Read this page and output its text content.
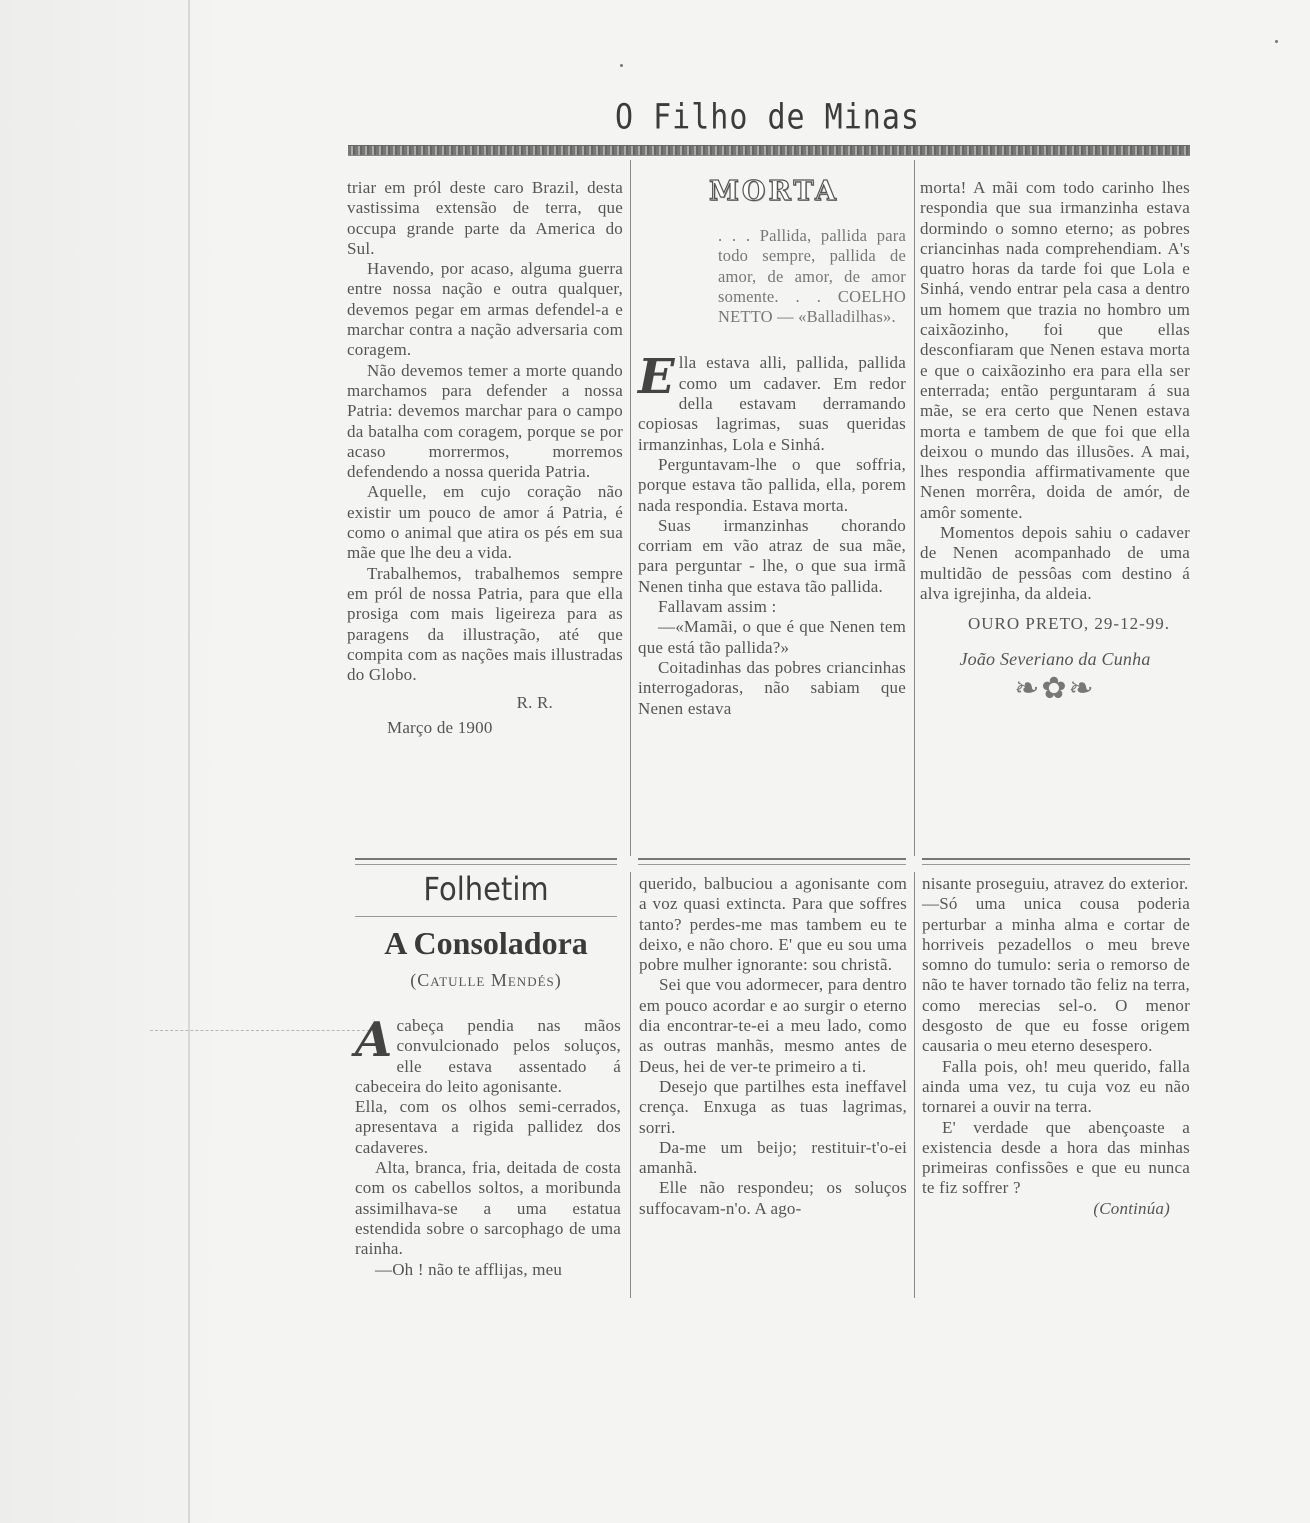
O Filho de Minas

triar em pról deste caro Brazil, desta vastissima extensão de terra, que occupa grande parte da America do Sul.

Havendo, por acaso, alguma guerra entre nossa nação e outra qualquer, devemos pegar em armas defendel-a e marchar contra a nação adversaria com coragem.

Não devemos temer a morte quando marchamos para defender a nossa Patria: devemos marchar para o campo da batalha com coragem, porque se por acaso morrermos, morremos defendendo a nossa querida Patria.

Aquelle, em cujo coração não existir um pouco de amor á Patria, é como o animal que atira os pés em sua mãe que lhe deu a vida.

Trabalhemos, trabalhemos sempre em pról de nossa Patria, para que ella prosiga com mais ligeireza para as paragens da illustração, até que compita com as nações mais illustradas do Globo.

R. R.

Março de 1900

MORTA

. . . Pallida, pallida para todo sempre, pallida de amor, de amor, de amor somente. . . COELHO NETTO — «Balladilhas».

E lla estava alli, pallida, pallida como um cadaver. Em redor della estavam derramando copiosas lagrimas, suas queridas irmanzinhas, Lola e Sinhá.

Perguntavam-lhe o que soffria, porque estava tão pallida, ella, porem nada respondia. Estava morta.

Suas irmanzinhas chorando corriam em vão atraz de sua mãe, para perguntar - lhe, o que sua irmã Nenen tinha que estava tão pallida.

Fallavam assim :

—«Mamãi, o que é que Nenen tem que está tão pallida?»

Coitadinhas das pobres criancinhas interrogadoras, não sabiam que Nenen estava

morta! A mãi com todo carinho lhes respondia que sua irmanzinha estava dormindo o somno eterno; as pobres criancinhas nada comprehendiam. A's quatro horas da tarde foi que Lola e Sinhá, vendo entrar pela casa a dentro um homem que trazia no hombro um caixãozinho, foi que ellas desconfiaram que Nenen estava morta e que o caixãozinho era para ella ser enterrada; então perguntaram á sua mãe, se era certo que Nenen estava morta e tambem de que foi que ella deixou o mundo das illusões. A mai, lhes respondia affirmativamente que Nenen morrêra, doida de amór, de amôr somente.

Momentos depois sahiu o cadaver de Nenen acompanhado de uma multidão de pessôas com destino á alva igrejinha, da aldeia.

OURO PRETO, 29-12-99.

João Severiano da Cunha

❧✿❧

Folhetim
A Consoladora
(Catulle Mendés)

A cabeça pendia nas mãos convulcionado pelos soluços, elle estava assentado á cabeceira do leito agonisante.

Ella, com os olhos semi-cerrados, apresentava a rigida pallidez dos cadaveres.

Alta, branca, fria, deitada de costa com os cabellos soltos, a moribunda assimilhava-se a uma estatua estendida sobre o sarcophago de uma rainha.

—Oh ! não te afflijas, meu

querido, balbuciou a agonisante com a voz quasi extincta. Para que soffres tanto? perdes-me mas tambem eu te deixo, e não choro. E' que eu sou uma pobre mulher ignorante: sou christã.

Sei que vou adormecer, para dentro em pouco acordar e ao surgir o eterno dia encontrar-te-ei a meu lado, como as outras manhãs, mesmo antes de Deus, hei de ver-te primeiro a ti.

Desejo que partilhes esta ineffavel crença. Enxuga as tuas lagrimas, sorri.

Da-me um beijo; restituir-t'o-ei amanhã.

Elle não respondeu; os soluços suffocavam-n'o. A ago-

nisante proseguiu, atravez do exterior.

—Só uma unica cousa poderia perturbar a minha alma e cortar de horriveis pezadellos o meu breve somno do tumulo: seria o remorso de não te haver tornado tão feliz na terra, como merecias sel-o. O menor desgosto de que eu fosse origem causaria o meu eterno desespero.

Falla pois, oh! meu querido, falla ainda uma vez, tu cuja voz eu não tornarei a ouvir na terra.

E' verdade que abençoaste a existencia desde a hora das minhas primeiras confissões e que eu nunca te fiz soffrer ?

(Continúa)
